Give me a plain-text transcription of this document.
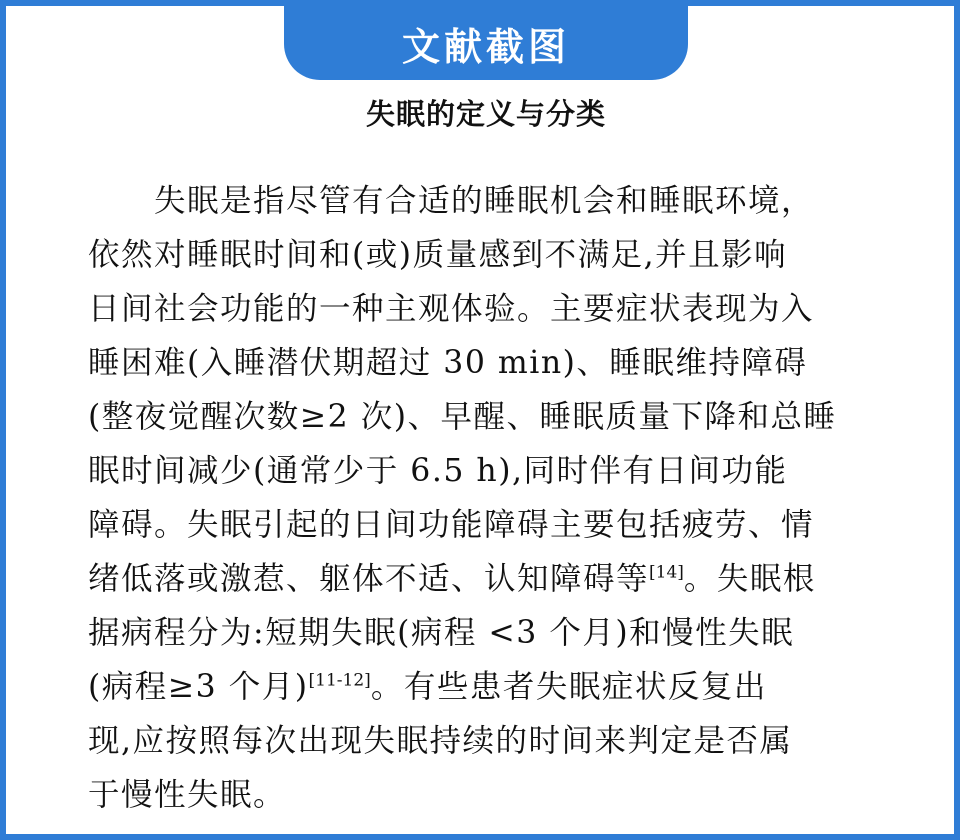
文献截图
失眠的定义与分类
失眠是指尽管有合适的睡眠机会和睡眠环境，
依然对睡眠时间和(或)质量感到不满足,并且影响
日间社会功能的一种主观体验。主要症状表现为入
睡困难(入睡潜伏期超过 30 min)、睡眠维持障碍
(整夜觉醒次数≥2 次)、早醒、睡眠质量下降和总睡
眠时间减少(通常少于 6.5 h),同时伴有日间功能
障碍。失眠引起的日间功能障碍主要包括疲劳、情
绪低落或激惹、躯体不适、认知障碍等[14]。失眠根
据病程分为:短期失眠(病程 <3 个月)和慢性失眠
(病程≥3 个月)[11-12]。有些患者失眠症状反复出
现,应按照每次出现失眠持续的时间来判定是否属
于慢性失眠。
